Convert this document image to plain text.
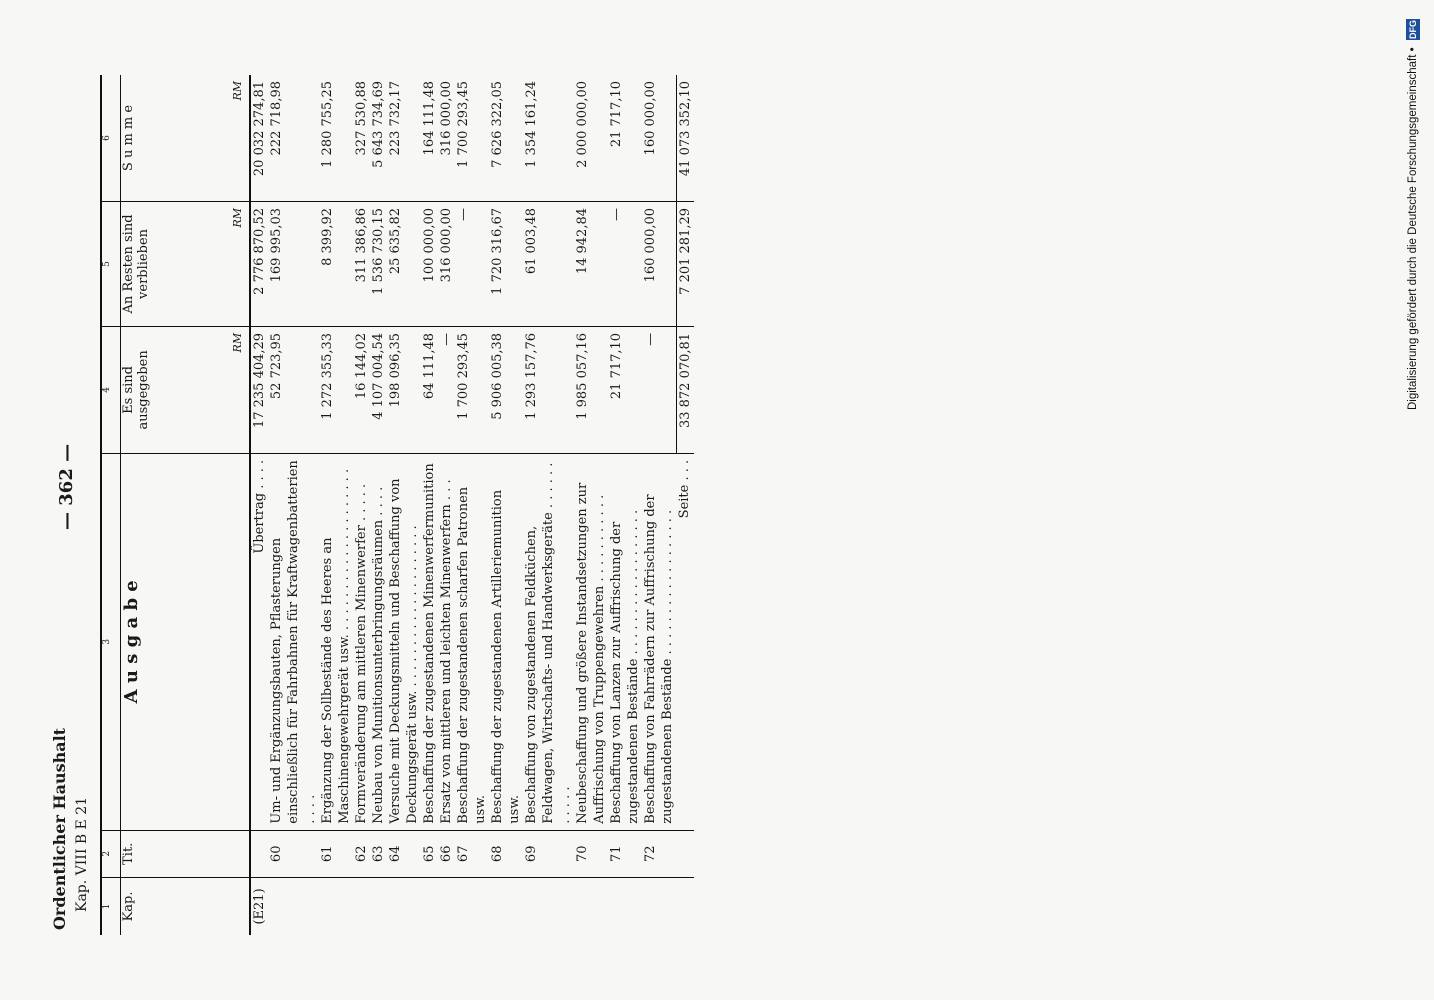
Digitalisierung gefördert durch die Deutsche Forschungsgemeinschaft • DFG
Ordentlicher Haushalt Kap. VIII B E 21
— 362 —
1	2	3	4	5	6
Kap.	Tit.	A u s g a b e	Es sind ausgegeben	An Resten sind verblieben	S u m m e
			RM	RM	RM
(E21)		Übertrag . . . .	17 235 404,29	2 776 870,52	20 032 274,81
	60	Um- und Ergänzungsbauten, Pflasterungen einschließlich für Fahrbahnen für Kraftwagenbatterien . . . .	52 723,95	169 995,03	222 718,98
	61	Ergänzung der Sollbestände des Heeres an Maschinengewehrgerät usw. . . . . . . . . . . . . . . . . . . . .	1 272 355,33	8 399,92	1 280 755,25
	62	Formveränderung am mittleren Minenwerfer . . . . .	16 144,02	311 386,86	327 530,88
	63	Neubau von Munitionsunterbringungsräumen . . . .	4 107 004,54	1 536 730,15	5 643 734,69
	64	Versuche mit Deckungsmitteln und Beschaffung von Deckungsgerät usw. . . . . . . . . . . . . . . . . . . . .	198 096,35	25 635,82	223 732,17
	65	Beschaffung der zugestandenen Minenwerfermunition	64 111,48	100 000,00	164 111,48
	66	Ersatz von mittleren und leichten Minenwerfern . . .	—	316 000,00	316 000,00
	67	Beschaffung der zugestandenen scharfen Patronen usw.	1 700 293,45	—	1 700 293,45
	68	Beschaffung der zugestandenen Artilleriemunition usw.	5 906 005,38	1 720 316,67	7 626 322,05
	69	Beschaffung von zugestandenen Feldküchen, Feldwagen, Wirtschafts- und Handwerksgeräte . . . . . . . . . . .	1 293 157,76	61 003,48	1 354 161,24
	70	Neubeschaffung und größere Instandsetzungen zur Auffrischung von Truppengewehren . . . . . . . . . . .	1 985 057,16	14 942,84	2 000 000,00
	71	Beschaffung von Lanzen zur Auffrischung der zugestandenen Bestände . . . . . . . . . . . . . . . . . .	21 717,10	—	21 717,10
	72	Beschaffung von Fahrrädern zur Auffrischung der zugestandenen Bestände . . . . . . . . . . . . . . . . . .	—	160 000,00	160 000,00
		Seite . . .	33 872 070,81	7 201 281,29	41 073 352,10
